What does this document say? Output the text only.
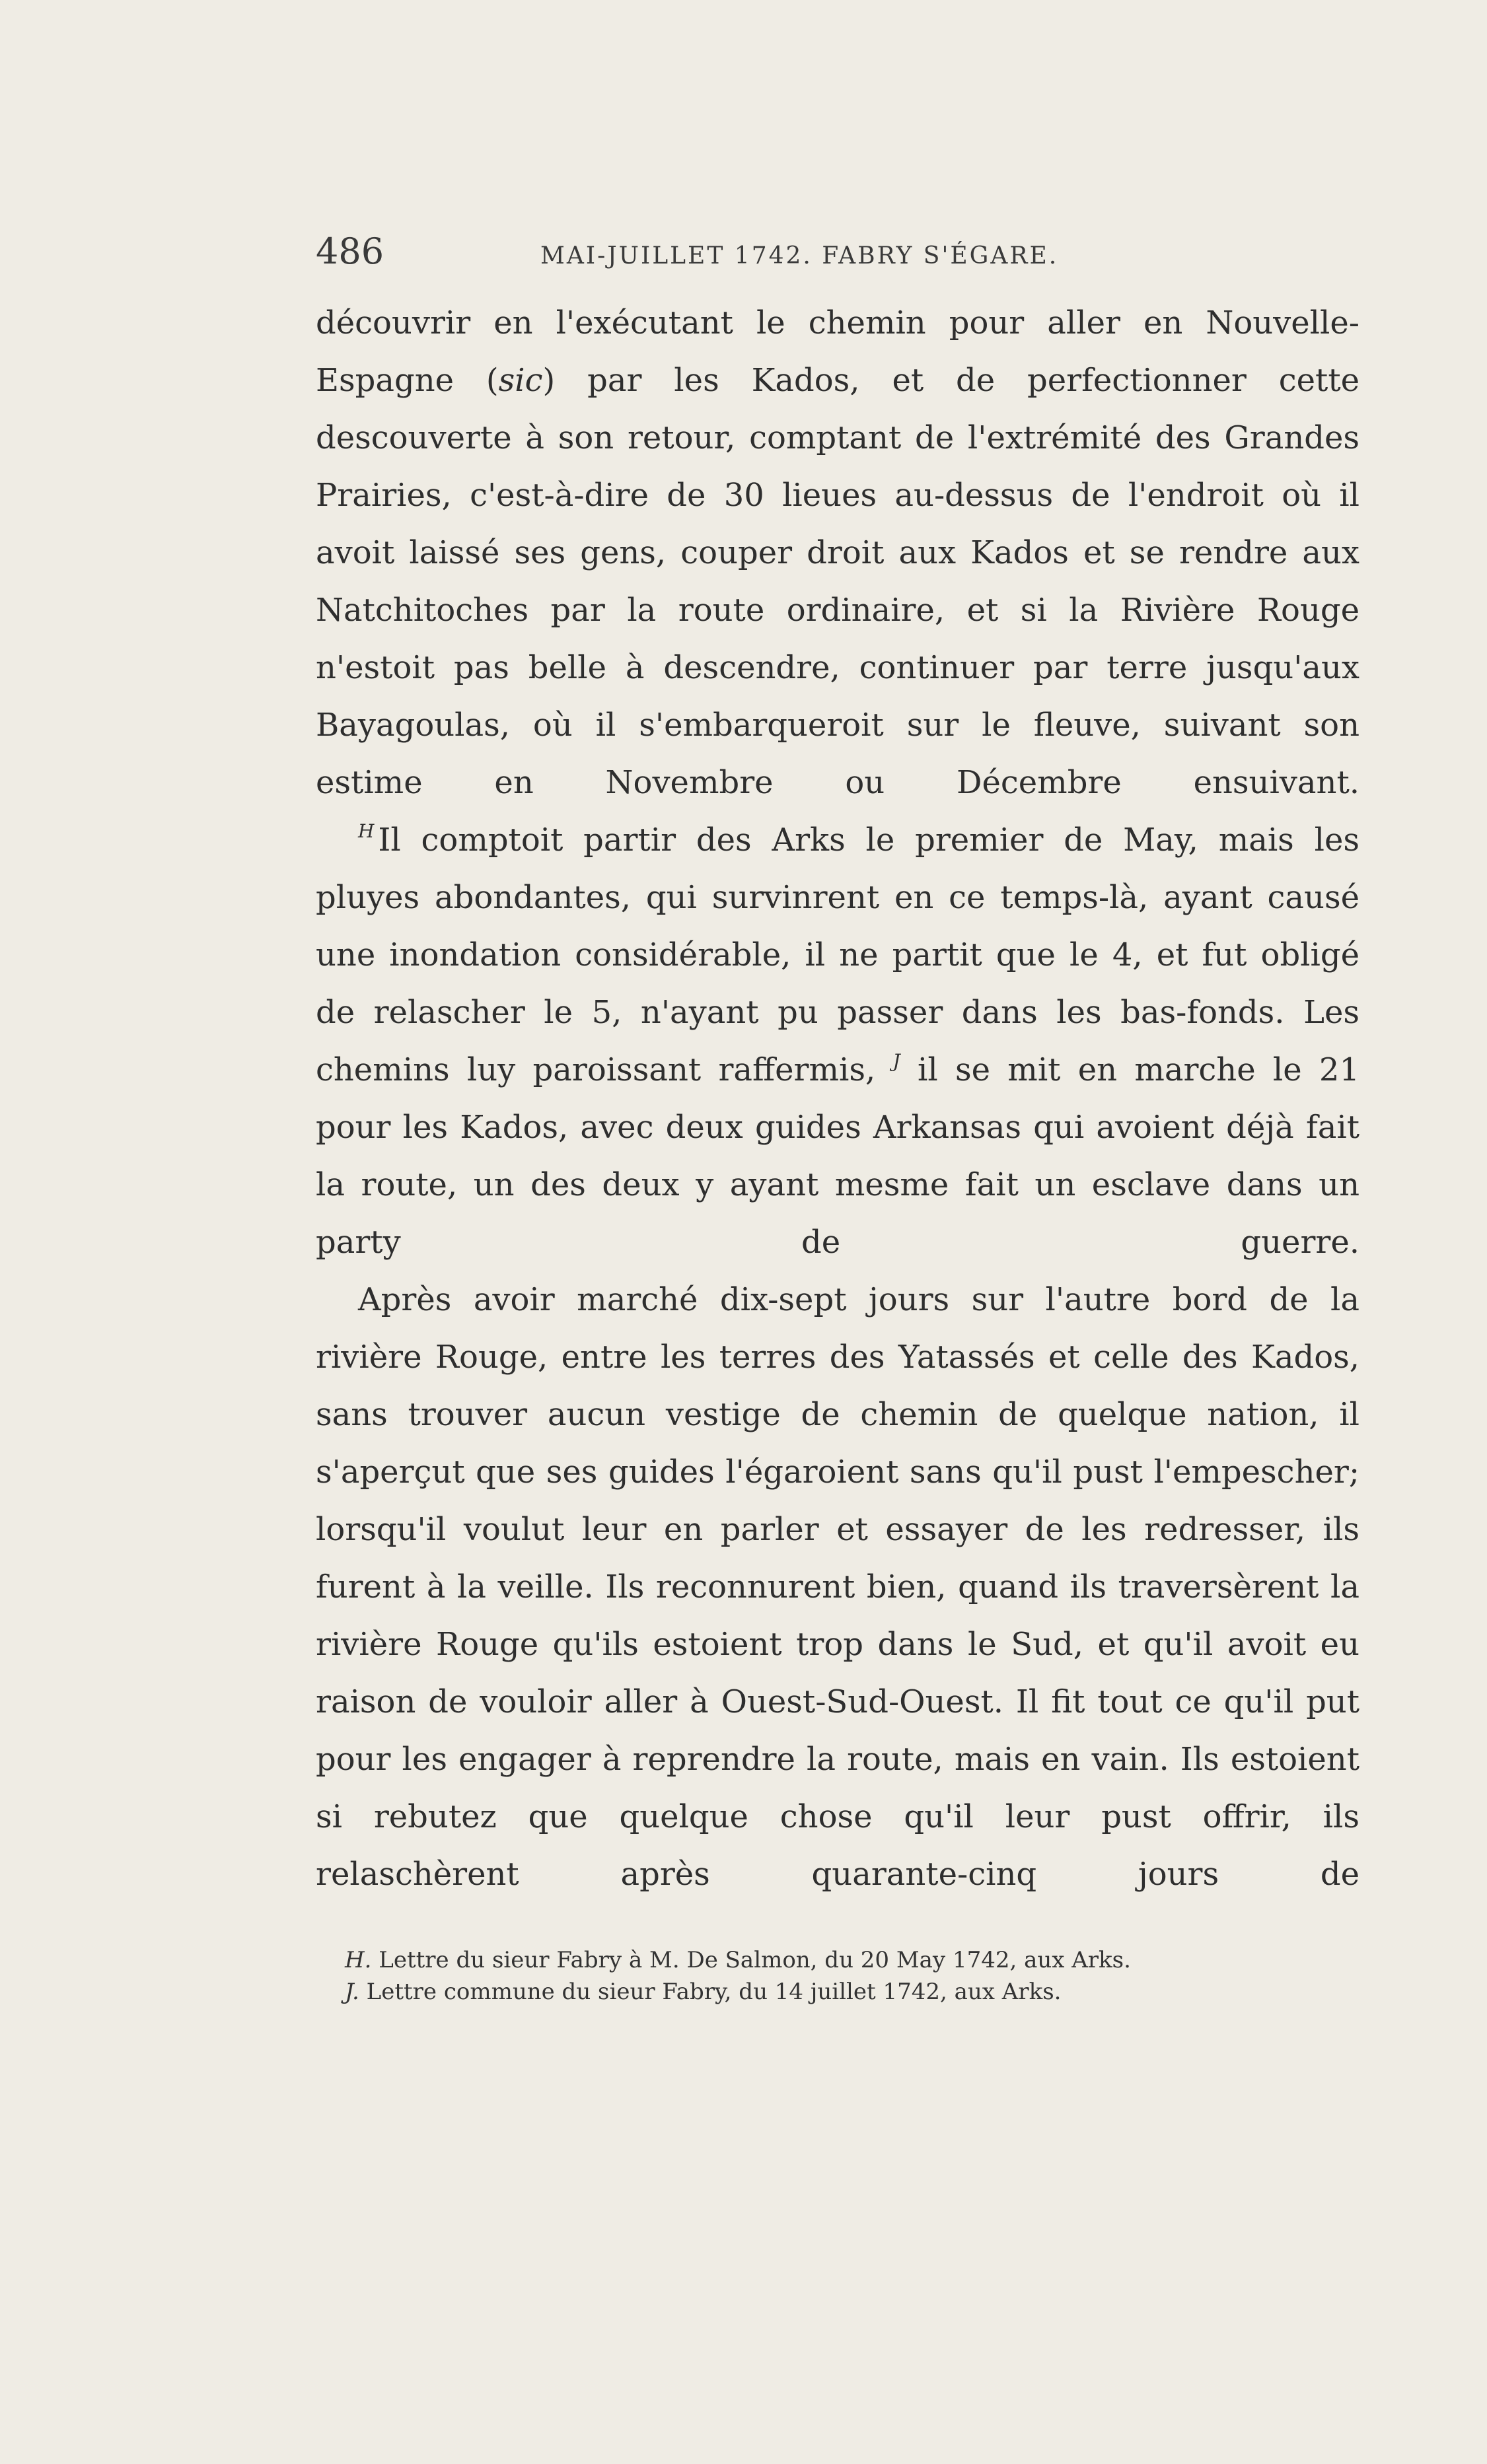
486	MAI-JUILLET 1742. FABRY S'ÉGARE.

découvrir en l'exécutant le chemin pour aller en Nouvelle-Espagne (sic) par les Kados, et de perfectionner cette descouverte à son retour, comptant de l'extrémité des Grandes Prairies, c'est-à-dire de 30 lieues au-dessus de l'endroit où il avoit laissé ses gens, couper droit aux Kados et se rendre aux Natchitoches par la route ordinaire, et si la Rivière Rouge n'estoit pas belle à descendre, continuer par terre jusqu'aux Bayagoulas, où il s'embarqueroit sur le fleuve, suivant son estime en Novembre ou Décembre ensuivant.

$^H$ Il comptoit partir des Arks le premier de May, mais les pluyes abondantes, qui survinrent en ce temps-là, ayant causé une inondation considérable, il ne partit que le 4, et fut obligé de relascher le 5, n'ayant pu passer dans les bas-fonds. Les chemins luy paroissant raffermis, $^J$ il se mit en marche le 21 pour les Kados, avec deux guides Arkansas qui avoient déjà fait la route, un des deux y ayant mesme fait un esclave dans un party de guerre.

Après avoir marché dix-sept jours sur l'autre bord de la rivière Rouge, entre les terres des Yatassés et celle des Kados, sans trouver aucun vestige de chemin de quelque nation, il s'aperçut que ses guides l'égaroient sans qu'il pust l'empescher; lorsqu'il voulut leur en parler et essayer de les redresser, ils furent à la veille. Ils reconnurent bien, quand ils traversèrent la rivière Rouge qu'ils estoient trop dans le Sud, et qu'il avoit eu raison de vouloir aller à Ouest-Sud-Ouest. Il fit tout ce qu'il put pour les engager à reprendre la route, mais en vain. Ils estoient si rebutez que quelque chose qu'il leur pust offrir, ils relaschèrent après quarante-cinq jours de

H. Lettre du sieur Fabry à M. De Salmon, du 20 May 1742, aux Arks.

J. Lettre commune du sieur Fabry, du 14 juillet 1742, aux Arks.
